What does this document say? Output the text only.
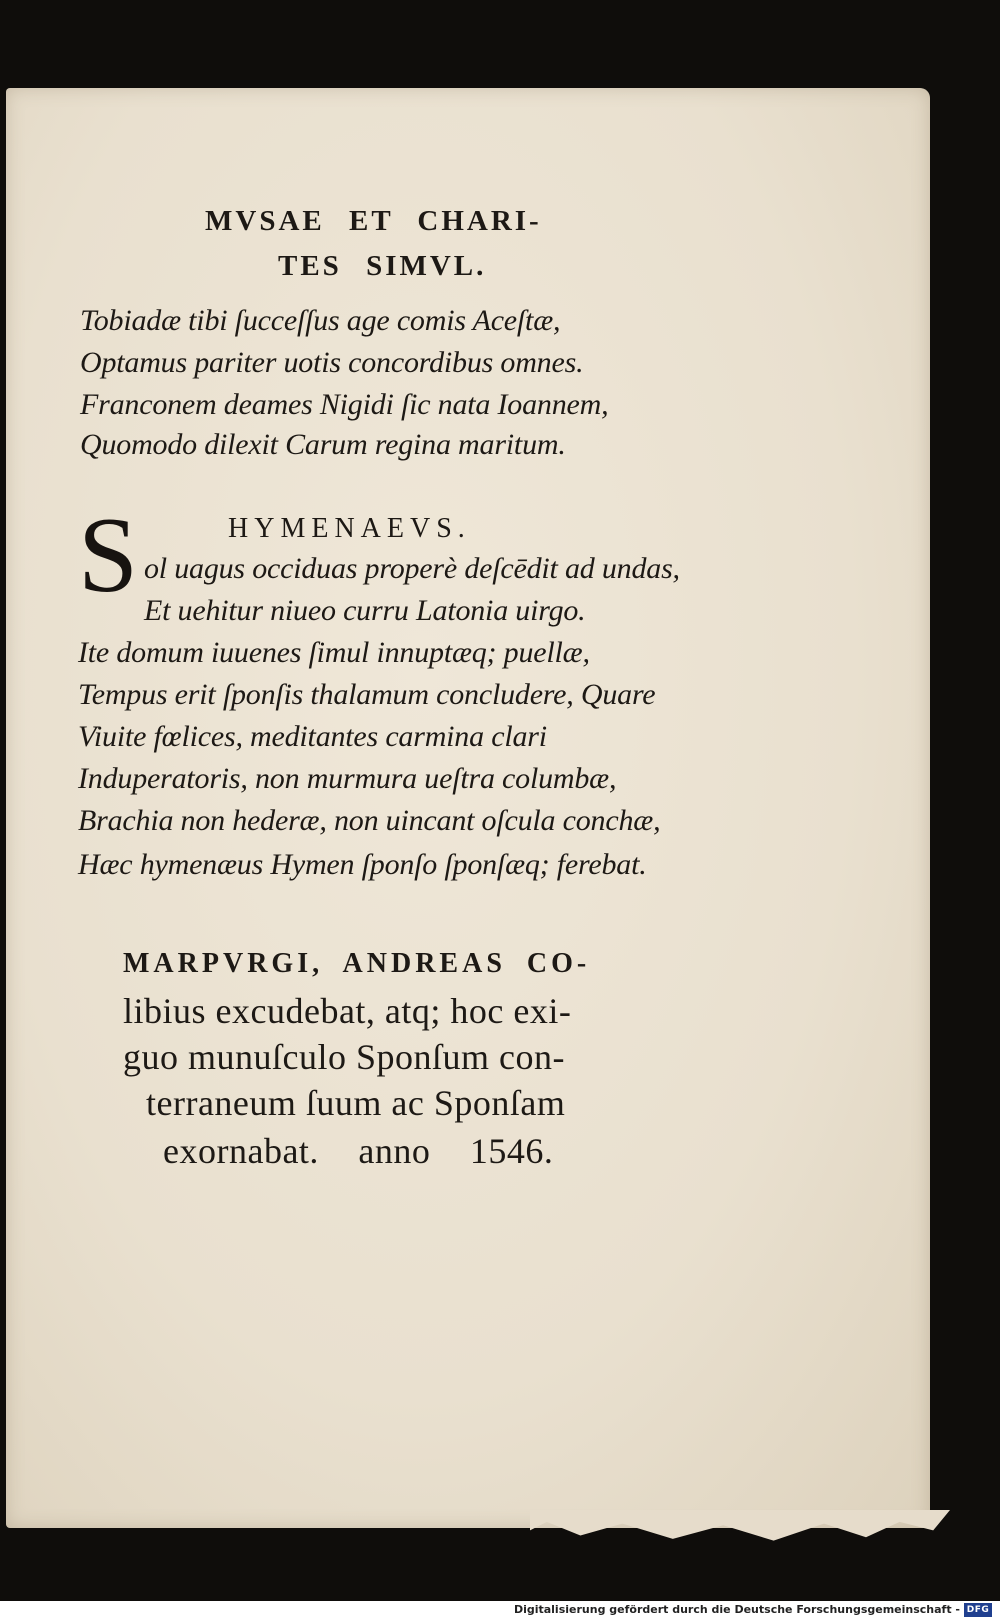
MVSAE ET CHARI-
TES SIMVL.
Tobiadæ tibi ſucceſſus age comis Aceſtæ,
Optamus pariter uotis concordibus omnes.
Franconem deames Nigidi ſic nata Ioannem,
Quomodo dilexit Carum regina maritum.
HYMENAEVS.
S ol uagus occiduas properè deſcēdit ad undas,
Et uehitur niueo curru Latonia uirgo.
Ite domum iuuenes ſimul innuptæq; puellæ,
Tempus erit ſponſis thalamum concludere, Quare
Viuite fœlices, meditantes carmina clari
Induperatoris, non murmura ueſtra columbæ,
Brachia non hederæ, non uincant oſcula conchæ,
Hæc hymenæus Hymen ſponſo ſponſæq; ferebat.
MARPVRGI, ANDREAS CO-
libius excudebat, atq; hoc exi-
guo munuſculo Sponſum con-
terraneum ſuum ac Sponſam
exornabat. anno 1546.
Digitalisierung gefördert durch die Deutsche Forschungsgemeinschaft - DFG
